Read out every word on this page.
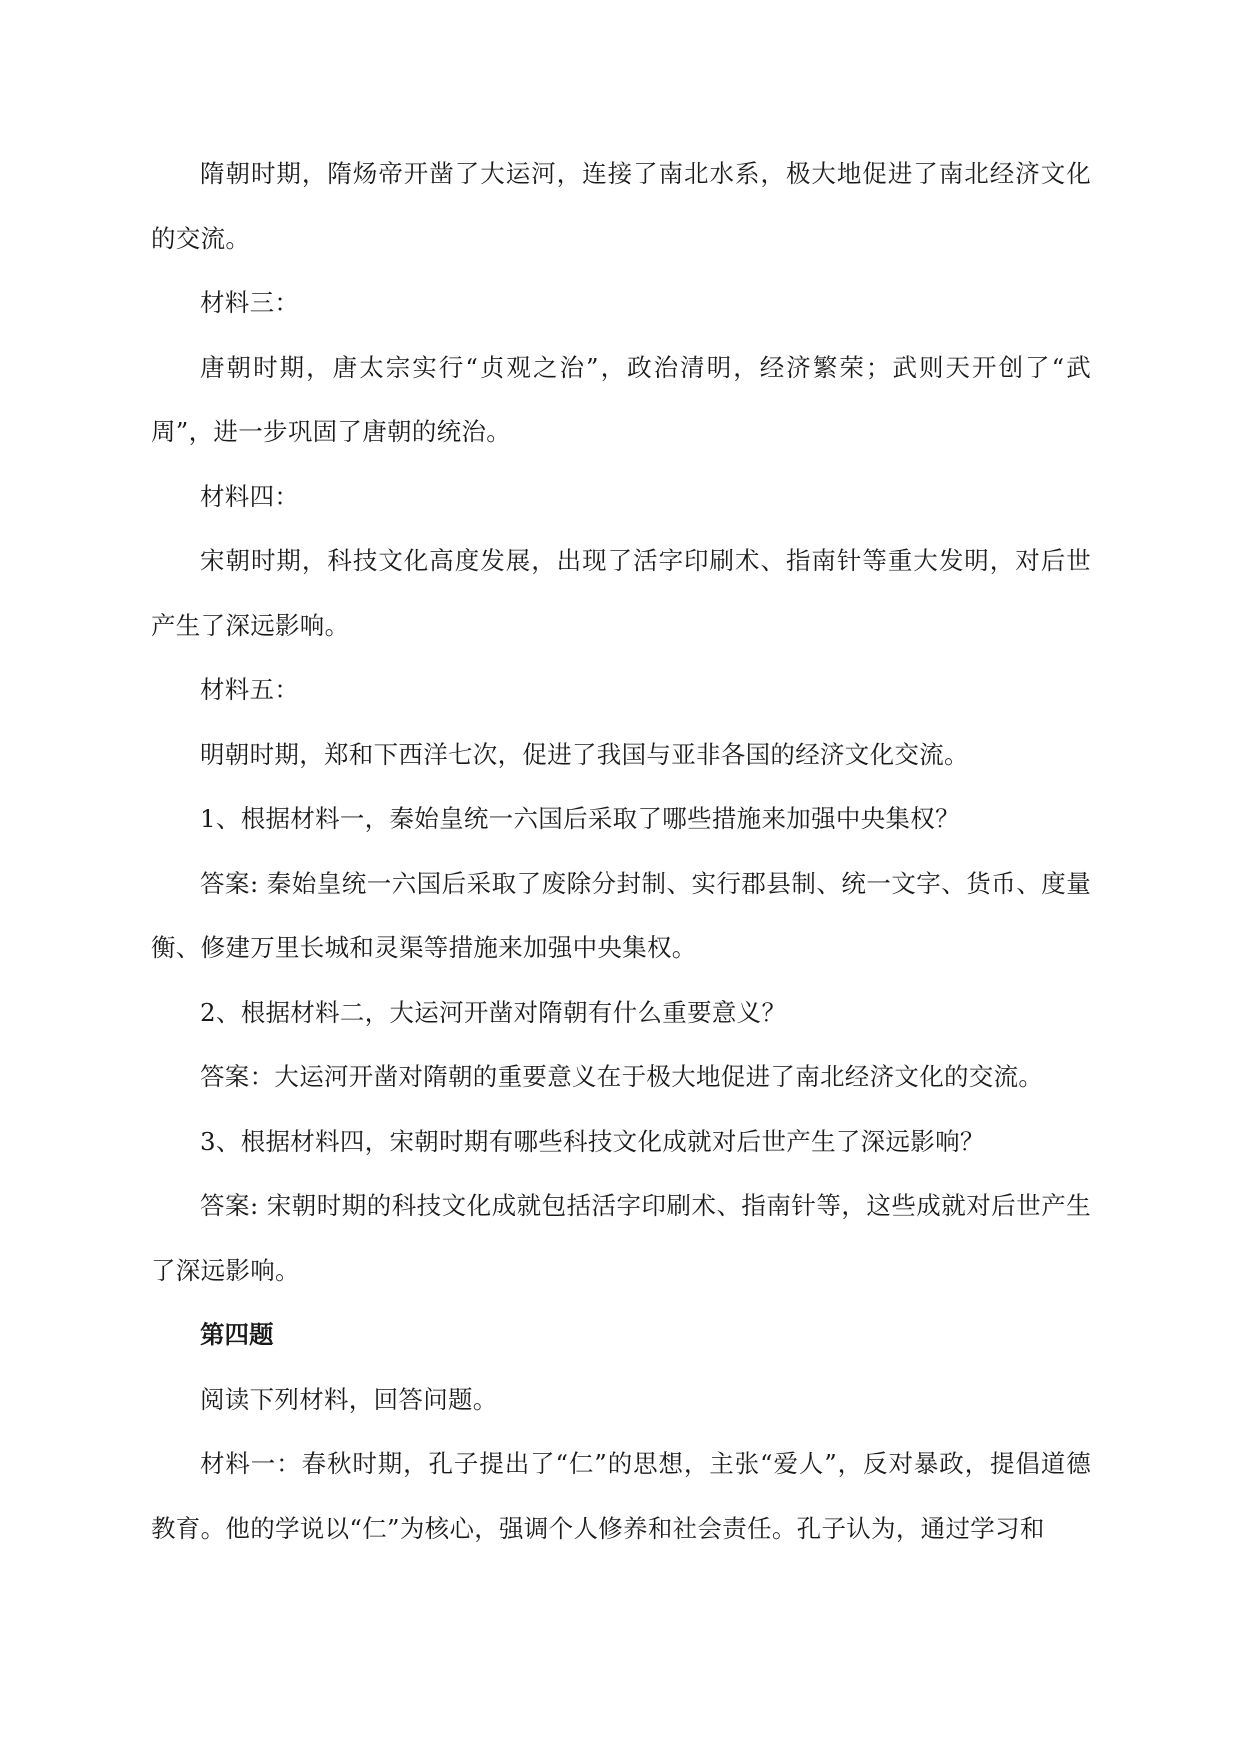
隋朝时期，隋炀帝开凿了大运河，连接了南北水系，极大地促进了南北经济文化的交流。

材料三：

唐朝时期，唐太宗实行“贞观之治”，政治清明，经济繁荣；武则天开创了“武周”，进一步巩固了唐朝的统治。

材料四：

宋朝时期，科技文化高度发展，出现了活字印刷术、指南针等重大发明，对后世产生了深远影响。

材料五：

明朝时期，郑和下西洋七次，促进了我国与亚非各国的经济文化交流。

1、根据材料一，秦始皇统一六国后采取了哪些措施来加强中央集权？

答案: 秦始皇统一六国后采取了废除分封制、实行郡县制、统一文字、货币、度量衡、修建万里长城和灵渠等措施来加强中央集权。

2、根据材料二，大运河开凿对隋朝有什么重要意义？

答案：大运河开凿对隋朝的重要意义在于极大地促进了南北经济文化的交流。

3、根据材料四，宋朝时期有哪些科技文化成就对后世产生了深远影响？

答案: 宋朝时期的科技文化成就包括活字印刷术、指南针等，这些成就对后世产生了深远影响。

第四题

阅读下列材料，回答问题。

材料一：春秋时期，孔子提出了“仁”的思想，主张“爱人”，反对暴政，提倡道德教育。他的学说以“仁”为核心，强调个人修养和社会责任。孔子认为，通过学习和
